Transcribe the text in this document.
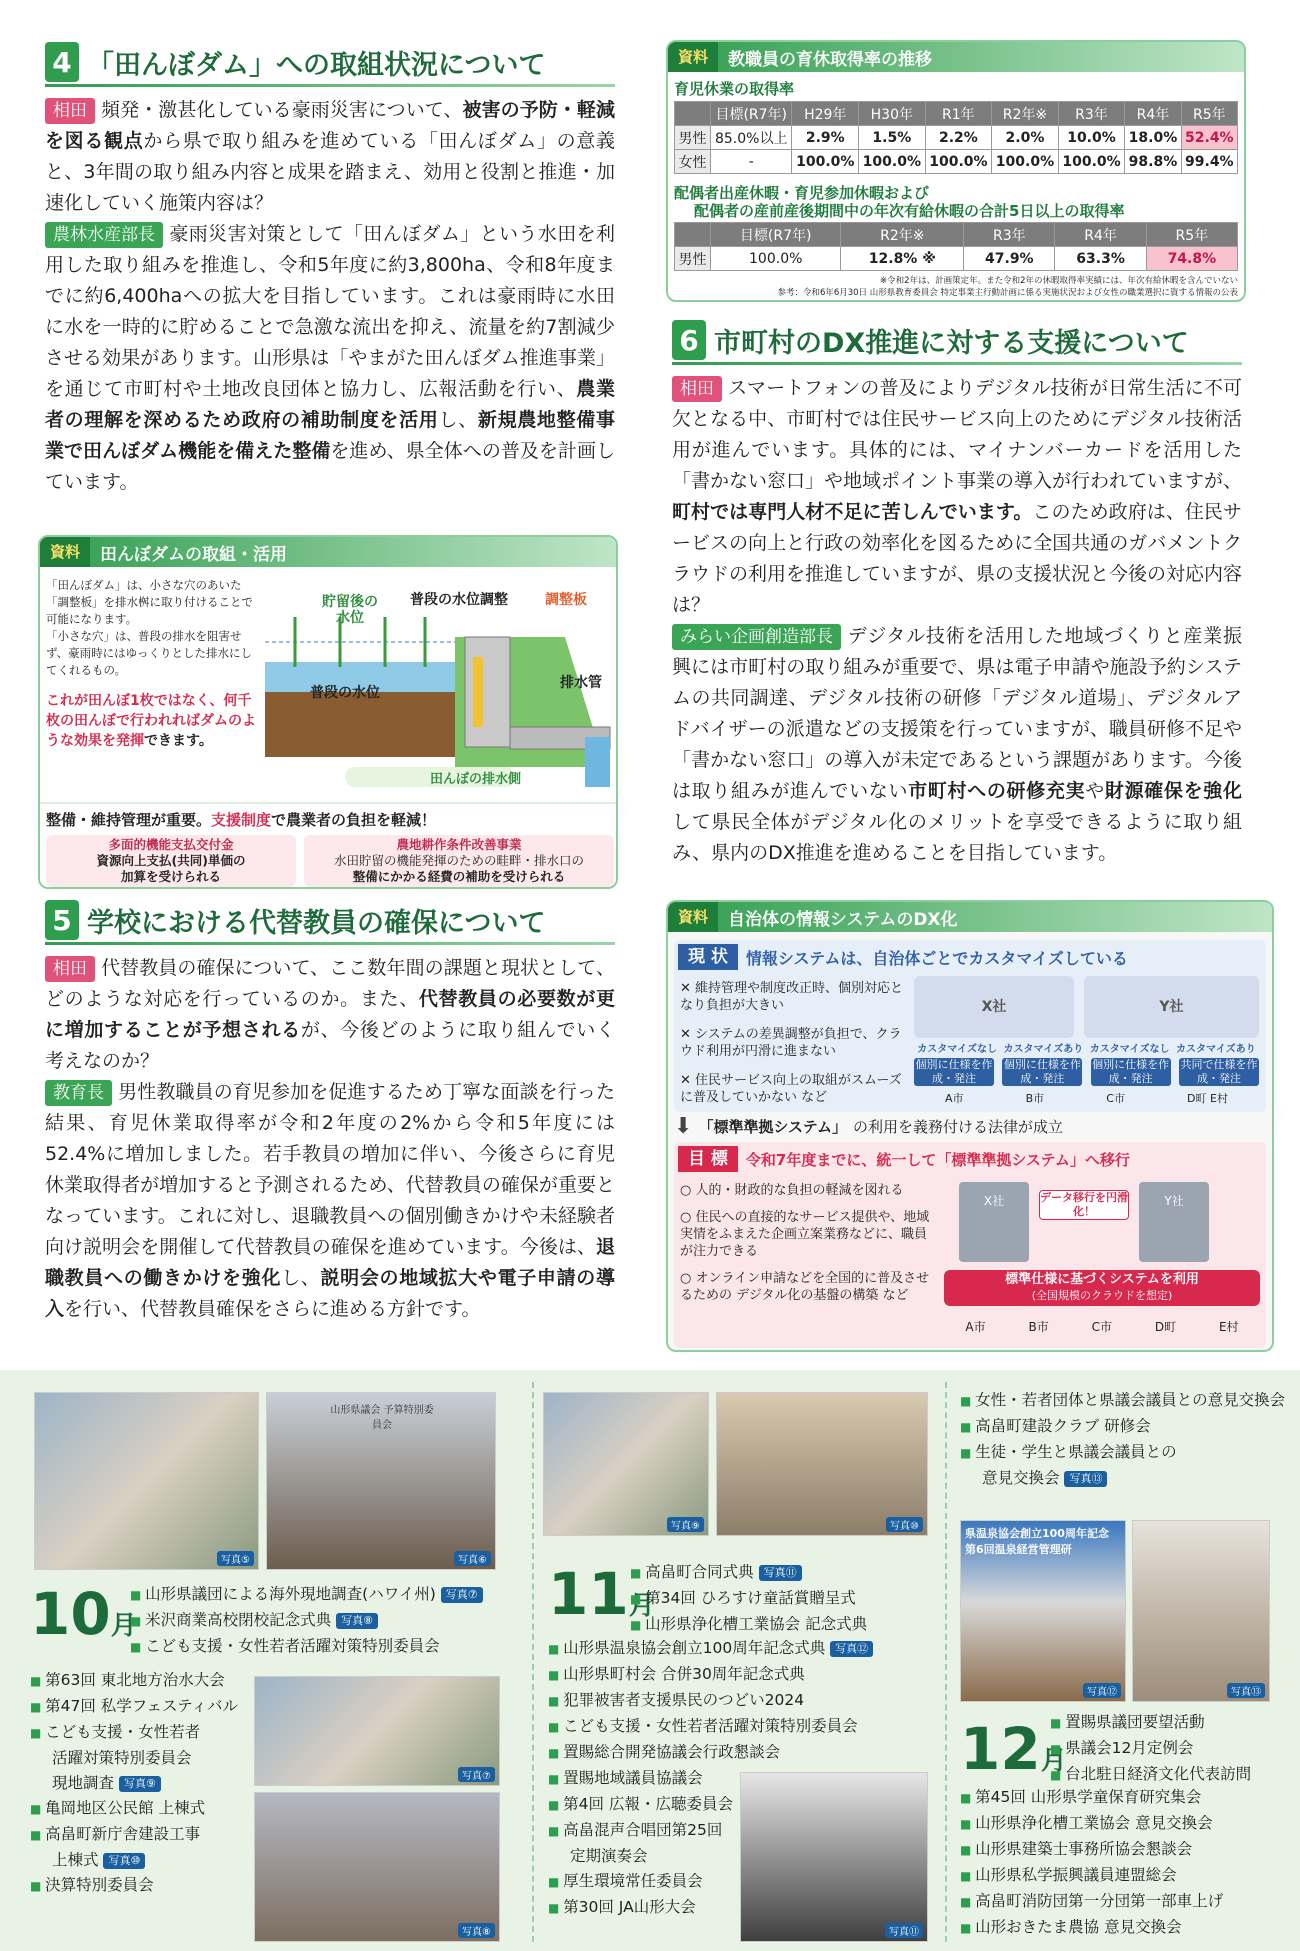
4 「田んぼダム」への取組状況について
相田 頻発・激甚化している豪雨災害について、被害の予防・軽減を図る観点から県で取り組みを進めている「田んぼダム」の意義と、3年間の取り組み内容と成果を踏まえ、効用と役割と推進・加速化していく施策内容は？
農林水産部長 豪雨災害対策として「田んぼダム」という水田を利用した取り組みを推進し、令和5年度に約3,800ha、令和8年度までに約6,400haへの拡大を目指しています。これは豪雨時に水田に水を一時的に貯めることで急激な流出を抑え、流量を約7割減少させる効果があります。山形県は「やまがた田んぼダム推進事業」を通じて市町村や土地改良団体と協力し、広報活動を行い、農業者の理解を深めるため政府の補助制度を活用し、新規農地整備事業で田んぼダム機能を備えた整備を進め、県全体への普及を計画しています。
資料	田んぼダムの取組・活用
「田んぼダム」は、小さな穴のあいた「調整板」を排水桝に取り付けることで可能になります。
「小さな穴」は、普段の排水を阻害せず、豪雨時にはゆっくりとした排水にしてくれるもの。
これが田んぼ1枚ではなく、何千枚の田んぼで行われればダムのような効果を発揮できます。
貯留後の水位
普段の水位調整	調整板
普段の水位
排水管
田んぼの排水側
整備・維持管理が重要。支援制度で農業者の負担を軽減！
多面的機能支払交付金
資源向上支払(共同)単価の
加算を受けられる
農地耕作条件改善事業
水田貯留の機能発揮のための畦畔・排水口の
整備にかかる経費の補助を受けられる
5 学校における代替教員の確保について
相田 代替教員の確保について、ここ数年間の課題と現状として、どのような対応を行っているのか。また、代替教員の必要数が更に増加することが予想されるが、今後どのように取り組んでいく考えなのか？
教育長 男性教職員の育児参加を促進するため丁寧な面談を行った結果、育児休業取得率が令和2年度の2%から令和5年度には52.4%に増加しました。若手教員の増加に伴い、今後さらに育児休業取得者が増加すると予測されるため、代替教員の確保が重要となっています。これに対し、退職教員への個別働きかけや未経験者向け説明会を開催して代替教員の確保を進めています。今後は、退職教員への働きかけを強化し、説明会の地域拡大や電子申請の導入を行い、代替教員確保をさらに進める方針です。
資料	教職員の育休取得率の推移
育児休業の取得率
	目標(R7年)	H29年	H30年	R1年	R2年※	R3年	R4年	R5年
男性	85.0%以上	2.9%	1.5%	2.2%	2.0%	10.0%	18.0%	52.4%
女性	-	100.0%	100.0%	100.0%	100.0%	100.0%	98.8%	99.4%
配偶者出産休暇・育児参加休暇および
配偶者の産前産後期間中の年次有給休暇の合計5日以上の取得率
	目標(R7年)	R2年※	R3年	R4年	R5年
男性	100.0%	12.8% ※	47.9%	63.3%	74.8%
※令和2年は、計画策定年。また令和2年の休暇取得率実績には、年次有給休暇を含んでいない
参考：令和6年6月30日 山形県教育委員会 特定事業主行動計画に係る実施状況および女性の職業選択に資する情報の公表
6 市町村のDX推進に対する支援について
相田 スマートフォンの普及によりデジタル技術が日常生活に不可欠となる中、市町村では住民サービス向上のためにデジタル技術活用が進んでいます。具体的には、マイナンバーカードを活用した「書かない窓口」や地域ポイント事業の導入が行われていますが、町村では専門人材不足に苦しんでいます。このため政府は、住民サービスの向上と行政の効率化を図るために全国共通のガバメントクラウドの利用を推進していますが、県の支援状況と今後の対応内容は？
みらい企画創造部長 デジタル技術を活用した地域づくりと産業振興には市町村の取り組みが重要で、県は電子申請や施設予約システムの共同調達、デジタル技術の研修「デジタル道場」、デジタルアドバイザーの派遣などの支援策を行っていますが、職員研修不足や「書かない窓口」の導入が未定であるという課題があります。今後は取り組みが進んでいない市町村への研修充実や財源確保を強化して県民全体がデジタル化のメリットを享受できるように取り組み、県内のDX推進を進めることを目指しています。
資料	自治体の情報システムのDX化
現 状	情報システムは、自治体ごとでカスタマイズしている
✕ 維持管理や制度改正時、個別対応となり負担が大きい
✕ システムの差異調整が負担で、クラウド利用が円滑に進まない
✕ 住民サービス向上の取組がスムーズに普及していかない など
X社	Y社
カスタマイズなし カスタマイズあり カスタマイズなし カスタマイズあり
個別に仕様を作成・発注
個別に仕様を作成・発注
個別に仕様を作成・発注
共同で仕様を作成・発注
A市	B市	C市	D町 E村
⬇ 「標準準拠システム」 の利用を義務付ける法律が成立
目 標	令和7年度までに、統一して「標準準拠システム」へ移行
○ 人的・財政的な負担の軽減を図れる
○ 住民への直接的なサービス提供や、地域実情をふまえた企画立案業務などに、職員が注力できる
○ オンライン申請などを全国的に普及させるための デジタル化の基盤の構築 など
X社	データ移行を円滑化！
Y社
標準仕様に基づくシステムを利用
(全国規模のクラウドを想定)
A市	B市	C市	D町	E村
写真⑤
山形県議会 予算特別委員会
写真⑥
写真⑦
写真⑧
写真⑨	写真⑩
写真⑪
県温泉協会創立100周年記念 第6回温泉経営管理研
写真⑫	写真⑬
10月
■ 山形県議団による海外現地調査(ハワイ州) 写真⑦
■ 米沢商業高校閉校記念式典 写真⑧
■ こども支援・女性若者活躍対策特別委員会
■ 第63回 東北地方治水大会
■ 第47回 私学フェスティバル
■ こども支援・女性若者
活躍対策特別委員会
現地調査 写真⑨
■ 亀岡地区公民館 上棟式
■ 高畠町新庁舎建設工事
上棟式 写真⑩
■ 決算特別委員会
11月
■ 高畠町合同式典 写真⑪
■ 第34回 ひろすけ童話賞贈呈式
■ 山形県浄化槽工業協会 記念式典
■ 山形県温泉協会創立100周年記念式典 写真⑫
■ 山形県町村会 合併30周年記念式典
■ 犯罪被害者支援県民のつどい2024
■ こども支援・女性若者活躍対策特別委員会
■ 置賜総合開発協議会行政懇談会
■ 置賜地域議員協議会
■ 第4回 広報・広聴委員会
■ 高畠混声合唱団第25回
定期演奏会
■ 厚生環境常任委員会
■ 第30回 JA山形大会
■ 女性・若者団体と県議会議員との意見交換会
■ 高畠町建設クラブ 研修会
■ 生徒・学生と県議会議員との
意見交換会 写真⑬
12月
■ 置賜県議団要望活動
■ 県議会12月定例会
■ 台北駐日経済文化代表訪問
■ 第45回 山形県学童保育研究集会
■ 山形県浄化槽工業協会 意見交換会
■ 山形県建築士事務所協会懇談会
■ 山形県私学振興議員連盟総会
■ 高畠町消防団第一分団第一部車上げ
■ 山形おきたま農協 意見交換会
